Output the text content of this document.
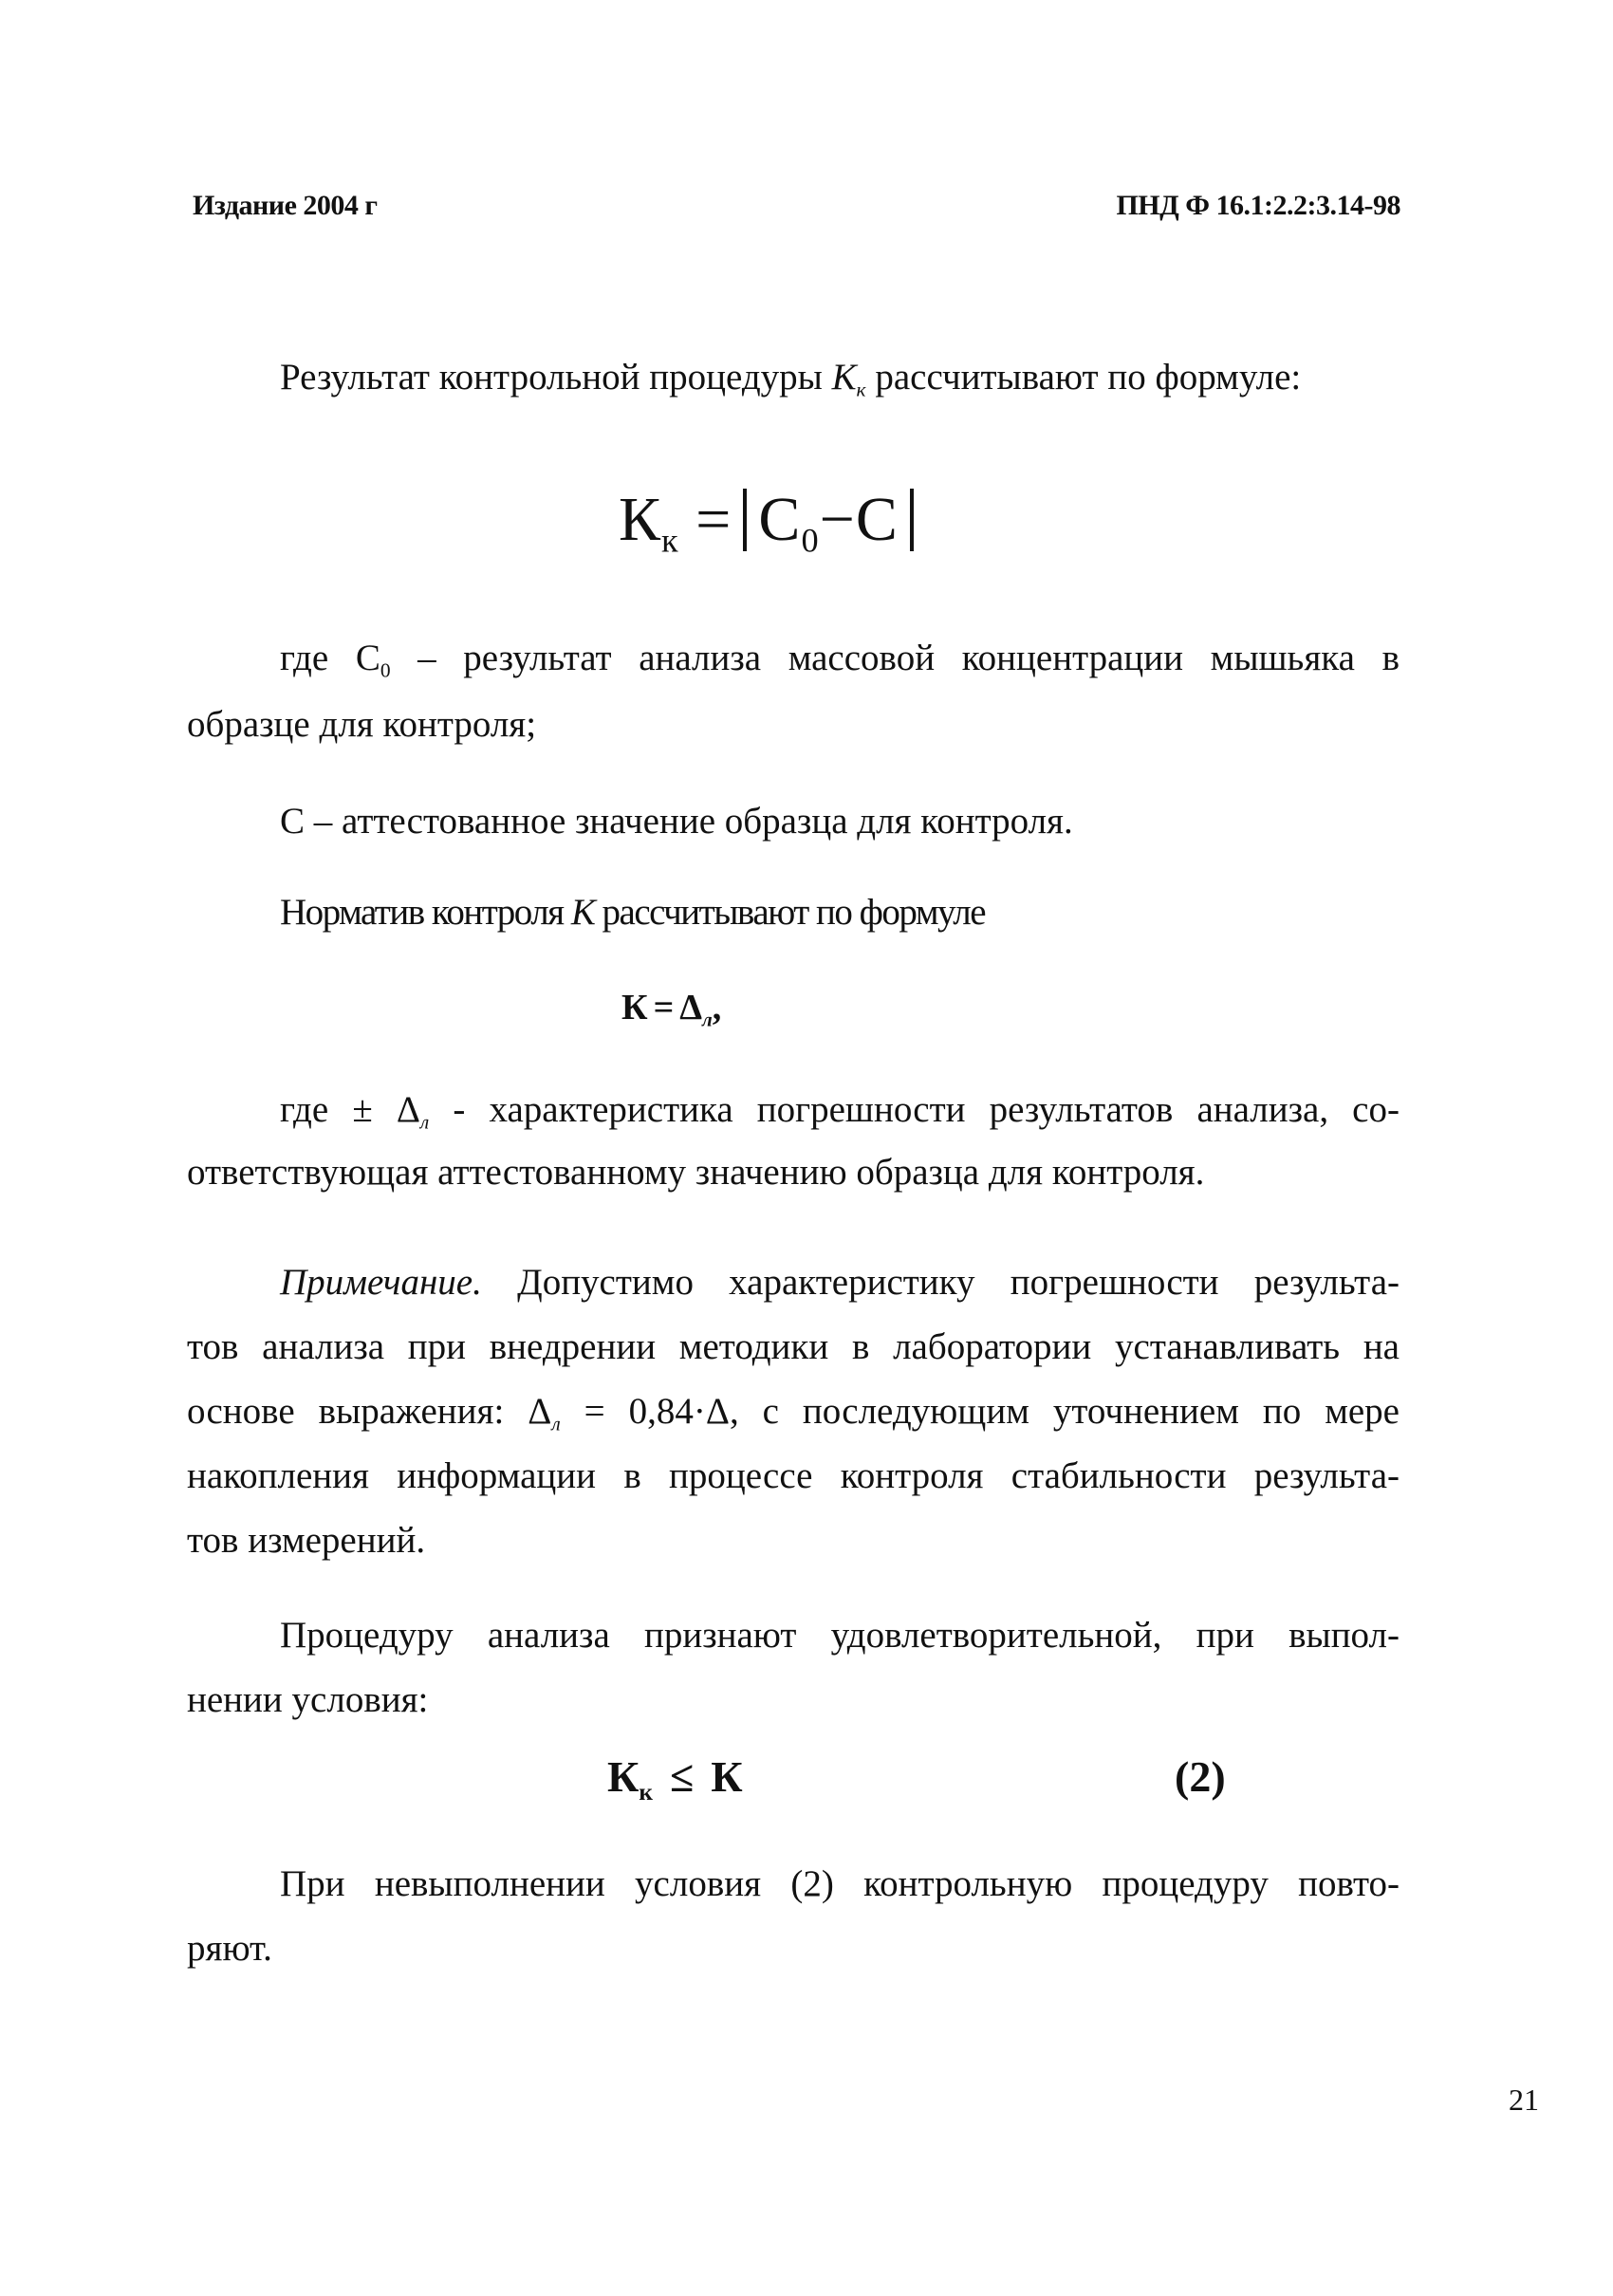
Издание 2004 г	ПНД Ф 16.1:2.2:3.14-98
Результат контрольной процедуры Кк рассчитывают по формуле:
$К_к = С_0-С$
где $С_0$ – результат анализа массовой концентрации мышьяка в
образце для контроля;
С – аттестованное значение образца для контроля.
Норматив контроля К рассчитывают по формуле
К = Δл,
где ± Δл - характеристика погрешности результатов анализа, со-
ответствующая аттестованному значению образца для контроля.
Примечание. Допустимо характеристику погрешности результа-
тов анализа при внедрении методики в лаборатории устанавливать на
основе выражения: Δл = 0,84·Δ, с последующим уточнением по мере
накопления информации в процессе контроля стабильности результа-
тов измерений.
Процедуру анализа признают удовлетворительной, при выпол-
нении условия:
$К_к \le К$	(2)
При невыполнении условия (2) контрольную процедуру повто-
ряют.
21
